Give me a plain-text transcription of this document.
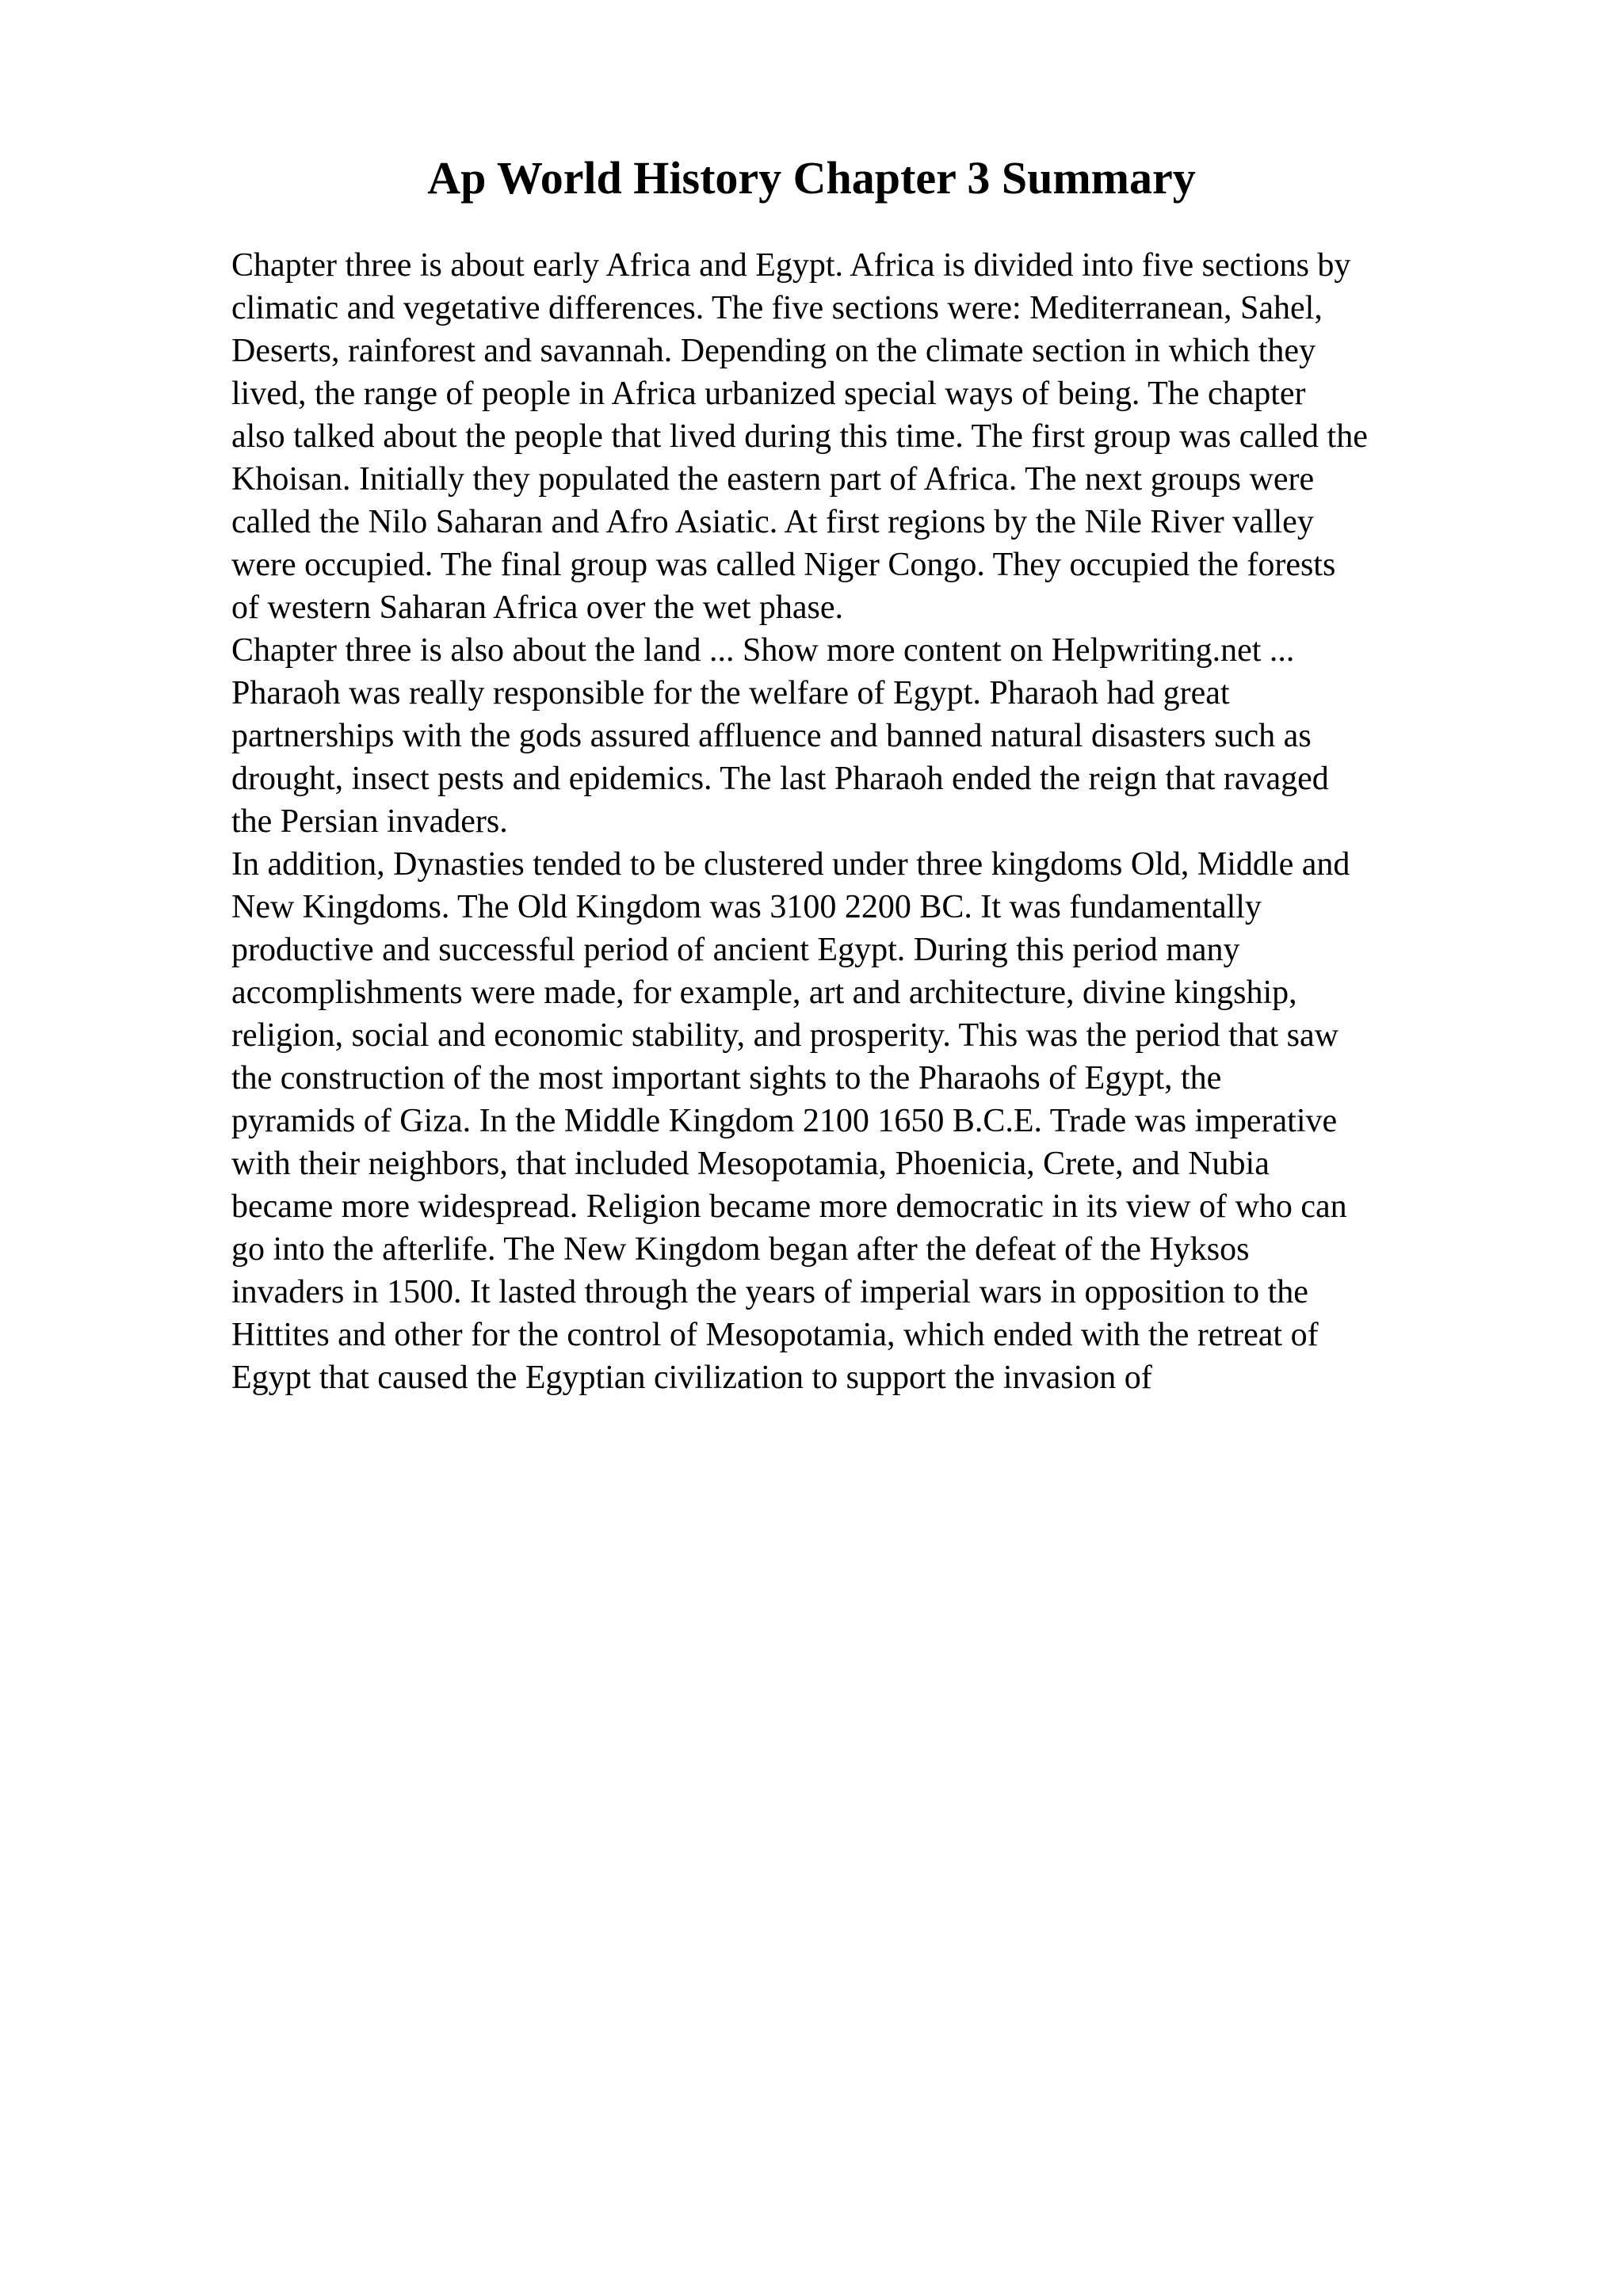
Ap World History Chapter 3 Summary
Chapter three is about early Africa and Egypt. Africa is divided into five sections by
climatic and vegetative differences. The five sections were: Mediterranean, Sahel,
Deserts, rainforest and savannah. Depending on the climate section in which they
lived, the range of people in Africa urbanized special ways of being. The chapter
also talked about the people that lived during this time. The first group was called the
Khoisan. Initially they populated the eastern part of Africa. The next groups were
called the Nilo Saharan and Afro Asiatic. At first regions by the Nile River valley
were occupied. The final group was called Niger Congo. They occupied the forests
of western Saharan Africa over the wet phase.
Chapter three is also about the land ... Show more content on Helpwriting.net ...
Pharaoh was really responsible for the welfare of Egypt. Pharaoh had great
partnerships with the gods assured affluence and banned natural disasters such as
drought, insect pests and epidemics. The last Pharaoh ended the reign that ravaged
the Persian invaders.
In addition, Dynasties tended to be clustered under three kingdoms Old, Middle and
New Kingdoms. The Old Kingdom was 3100 2200 BC. It was fundamentally
productive and successful period of ancient Egypt. During this period many
accomplishments were made, for example, art and architecture, divine kingship,
religion, social and economic stability, and prosperity. This was the period that saw
the construction of the most important sights to the Pharaohs of Egypt, the
pyramids of Giza. In the Middle Kingdom 2100 1650 B.C.E. Trade was imperative
with their neighbors, that included Mesopotamia, Phoenicia, Crete, and Nubia
became more widespread. Religion became more democratic in its view of who can
go into the afterlife. The New Kingdom began after the defeat of the Hyksos
invaders in 1500. It lasted through the years of imperial wars in opposition to the
Hittites and other for the control of Mesopotamia, which ended with the retreat of
Egypt that caused the Egyptian civilization to support the invasion of
